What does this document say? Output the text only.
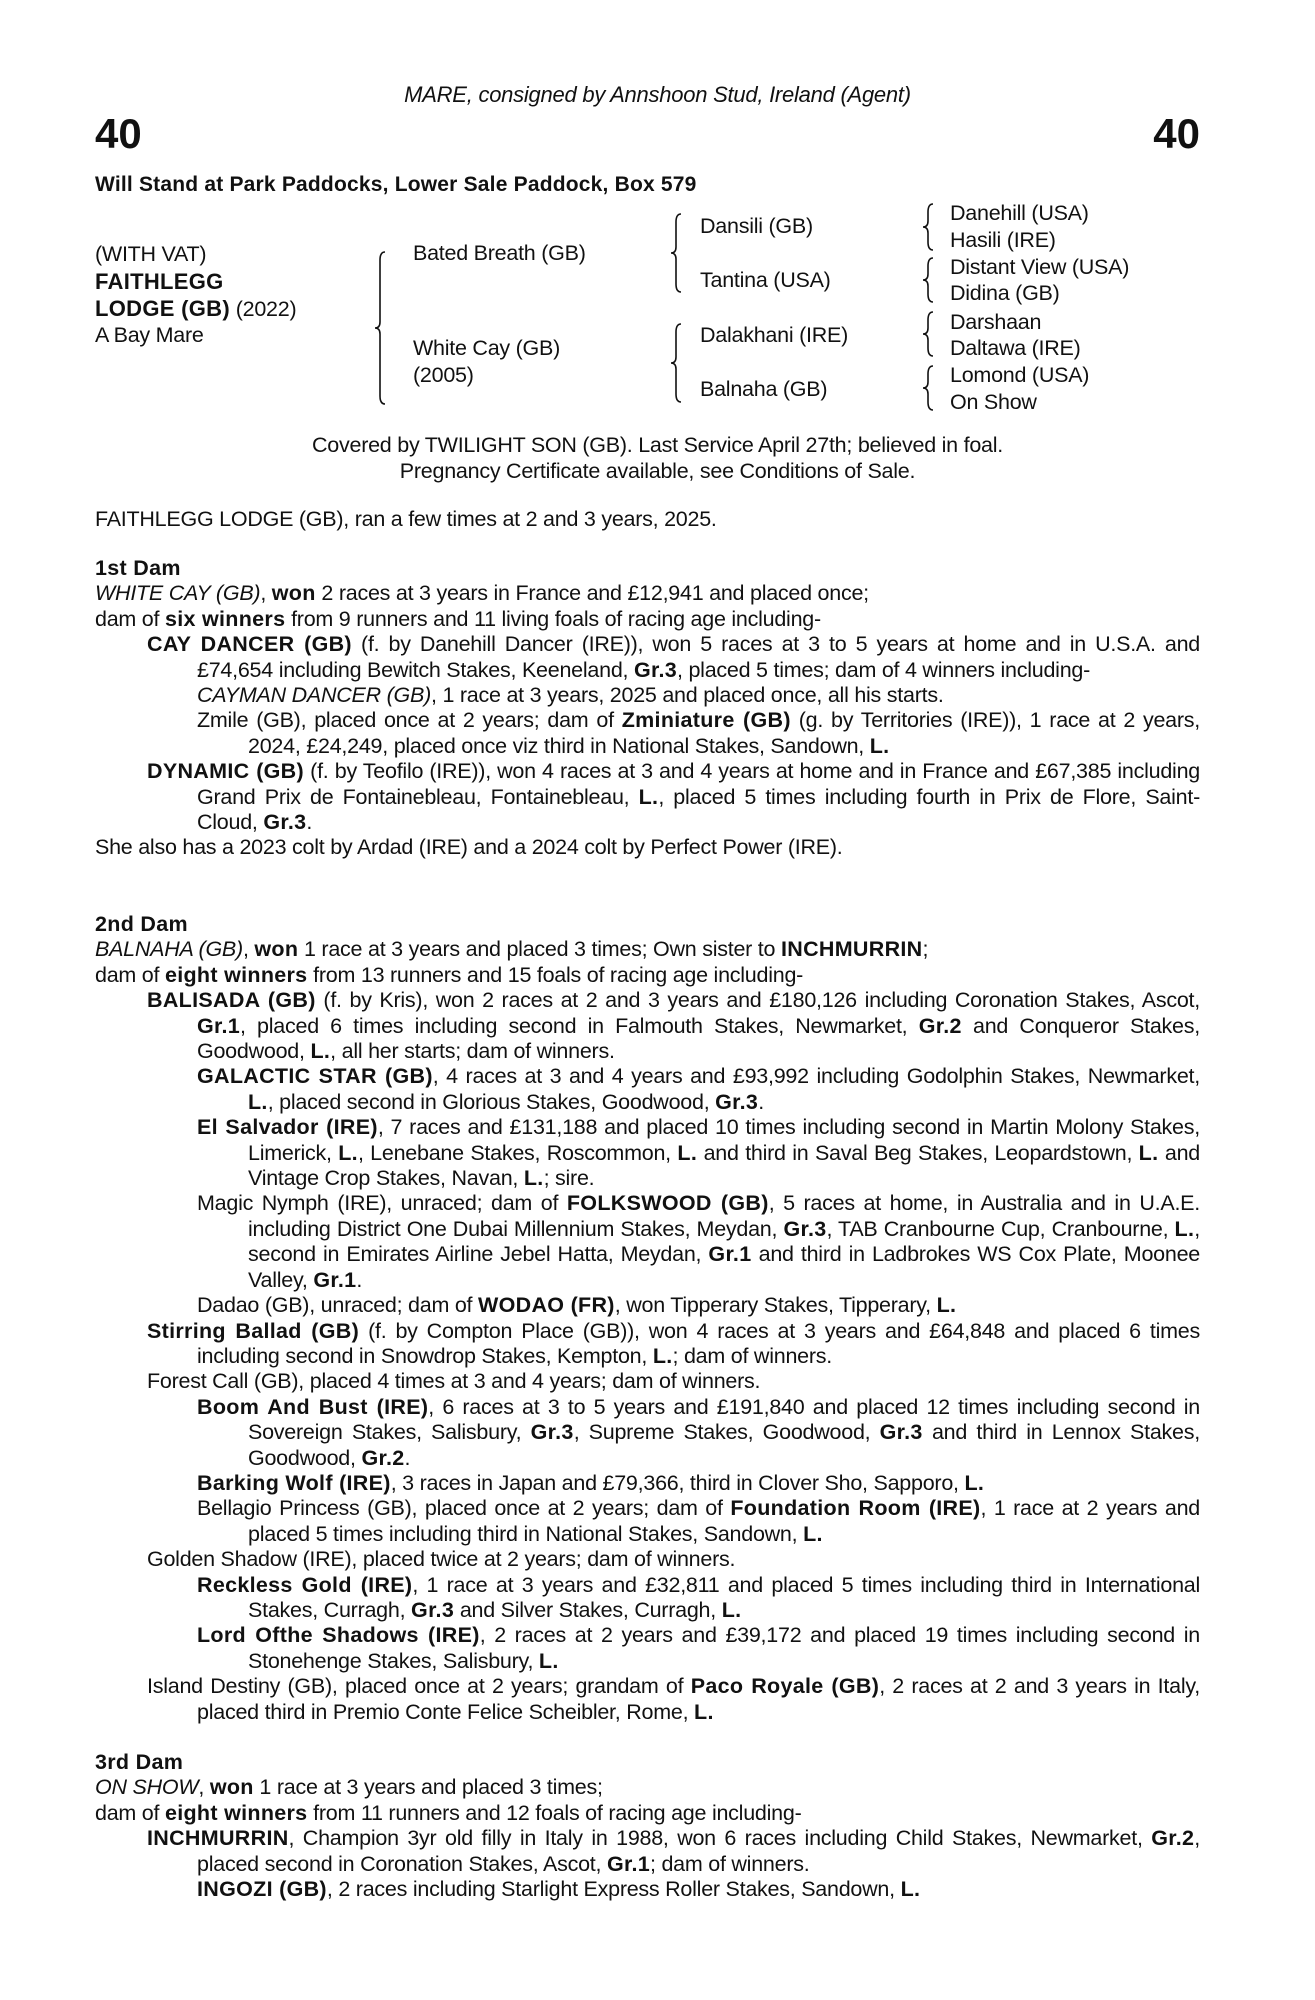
MARE, consigned by Annshoon Stud, Ireland (Agent)
40	40
Will Stand at Park Paddocks, Lower Sale Paddock, Box 579
(WITH VAT)
FAITHLEGG
LODGE (GB) (2022)
A Bay Mare
Bated Breath (GB)
White Cay (GB)
(2005)
Dansili (GB)
Tantina (USA)
Dalakhani (IRE)
Balnaha (GB)
Danehill (USA)
Hasili (IRE)
Distant View (USA)
Didina (GB)
Darshaan
Daltawa (IRE)
Lomond (USA)
On Show
Covered by TWILIGHT SON (GB). Last Service April 27th; believed in foal.
Pregnancy Certificate available, see Conditions of Sale.
FAITHLEGG LODGE (GB), ran a few times at 2 and 3 years, 2025.
1st Dam
WHITE CAY (GB), won 2 races at 3 years in France and £12,941 and placed once;
dam of six winners from 9 runners and 11 living foals of racing age including-
CAY DANCER (GB) (f. by Danehill Dancer (IRE)), won 5 races at 3 to 5 years at home and in U.S.A. and £74,654 including Bewitch Stakes, Keeneland, Gr.3, placed 5 times; dam of 4 winners including-
CAYMAN DANCER (GB), 1 race at 3 years, 2025 and placed once, all his starts.
Zmile (GB), placed once at 2 years; dam of Zminiature (GB) (g. by Territories (IRE)), 1 race at 2 years, 2024, £24,249, placed once viz third in National Stakes, Sandown, L.
DYNAMIC (GB) (f. by Teofilo (IRE)), won 4 races at 3 and 4 years at home and in France and £67,385 including Grand Prix de Fontainebleau, Fontainebleau, L., placed 5 times including fourth in Prix de Flore, Saint-Cloud, Gr.3.
She also has a 2023 colt by Ardad (IRE) and a 2024 colt by Perfect Power (IRE).
2nd Dam
BALNAHA (GB), won 1 race at 3 years and placed 3 times; Own sister to INCHMURRIN;
dam of eight winners from 13 runners and 15 foals of racing age including-
BALISADA (GB) (f. by Kris), won 2 races at 2 and 3 years and £180,126 including Coronation Stakes, Ascot, Gr.1, placed 6 times including second in Falmouth Stakes, Newmarket, Gr.2 and Conqueror Stakes, Goodwood, L., all her starts; dam of winners.
GALACTIC STAR (GB), 4 races at 3 and 4 years and £93,992 including Godolphin Stakes, Newmarket, L., placed second in Glorious Stakes, Goodwood, Gr.3.
El Salvador (IRE), 7 races and £131,188 and placed 10 times including second in Martin Molony Stakes, Limerick, L., Lenebane Stakes, Roscommon, L. and third in Saval Beg Stakes, Leopardstown, L. and Vintage Crop Stakes, Navan, L.; sire.
Magic Nymph (IRE), unraced; dam of FOLKSWOOD (GB), 5 races at home, in Australia and in U.A.E. including District One Dubai Millennium Stakes, Meydan, Gr.3, TAB Cranbourne Cup, Cranbourne, L., second in Emirates Airline Jebel Hatta, Meydan, Gr.1 and third in Ladbrokes WS Cox Plate, Moonee Valley, Gr.1.
Dadao (GB), unraced; dam of WODAO (FR), won Tipperary Stakes, Tipperary, L.
Stirring Ballad (GB) (f. by Compton Place (GB)), won 4 races at 3 years and £64,848 and placed 6 times including second in Snowdrop Stakes, Kempton, L.; dam of winners.
Forest Call (GB), placed 4 times at 3 and 4 years; dam of winners.
Boom And Bust (IRE), 6 races at 3 to 5 years and £191,840 and placed 12 times including second in Sovereign Stakes, Salisbury, Gr.3, Supreme Stakes, Goodwood, Gr.3 and third in Lennox Stakes, Goodwood, Gr.2.
Barking Wolf (IRE), 3 races in Japan and £79,366, third in Clover Sho, Sapporo, L.
Bellagio Princess (GB), placed once at 2 years; dam of Foundation Room (IRE), 1 race at 2 years and placed 5 times including third in National Stakes, Sandown, L.
Golden Shadow (IRE), placed twice at 2 years; dam of winners.
Reckless Gold (IRE), 1 race at 3 years and £32,811 and placed 5 times including third in International Stakes, Curragh, Gr.3 and Silver Stakes, Curragh, L.
Lord Ofthe Shadows (IRE), 2 races at 2 years and £39,172 and placed 19 times including second in Stonehenge Stakes, Salisbury, L.
Island Destiny (GB), placed once at 2 years; grandam of Paco Royale (GB), 2 races at 2 and 3 years in Italy, placed third in Premio Conte Felice Scheibler, Rome, L.
3rd Dam
ON SHOW, won 1 race at 3 years and placed 3 times;
dam of eight winners from 11 runners and 12 foals of racing age including-
INCHMURRIN, Champion 3yr old filly in Italy in 1988, won 6 races including Child Stakes, Newmarket, Gr.2, placed second in Coronation Stakes, Ascot, Gr.1; dam of winners.
INGOZI (GB), 2 races including Starlight Express Roller Stakes, Sandown, L.
